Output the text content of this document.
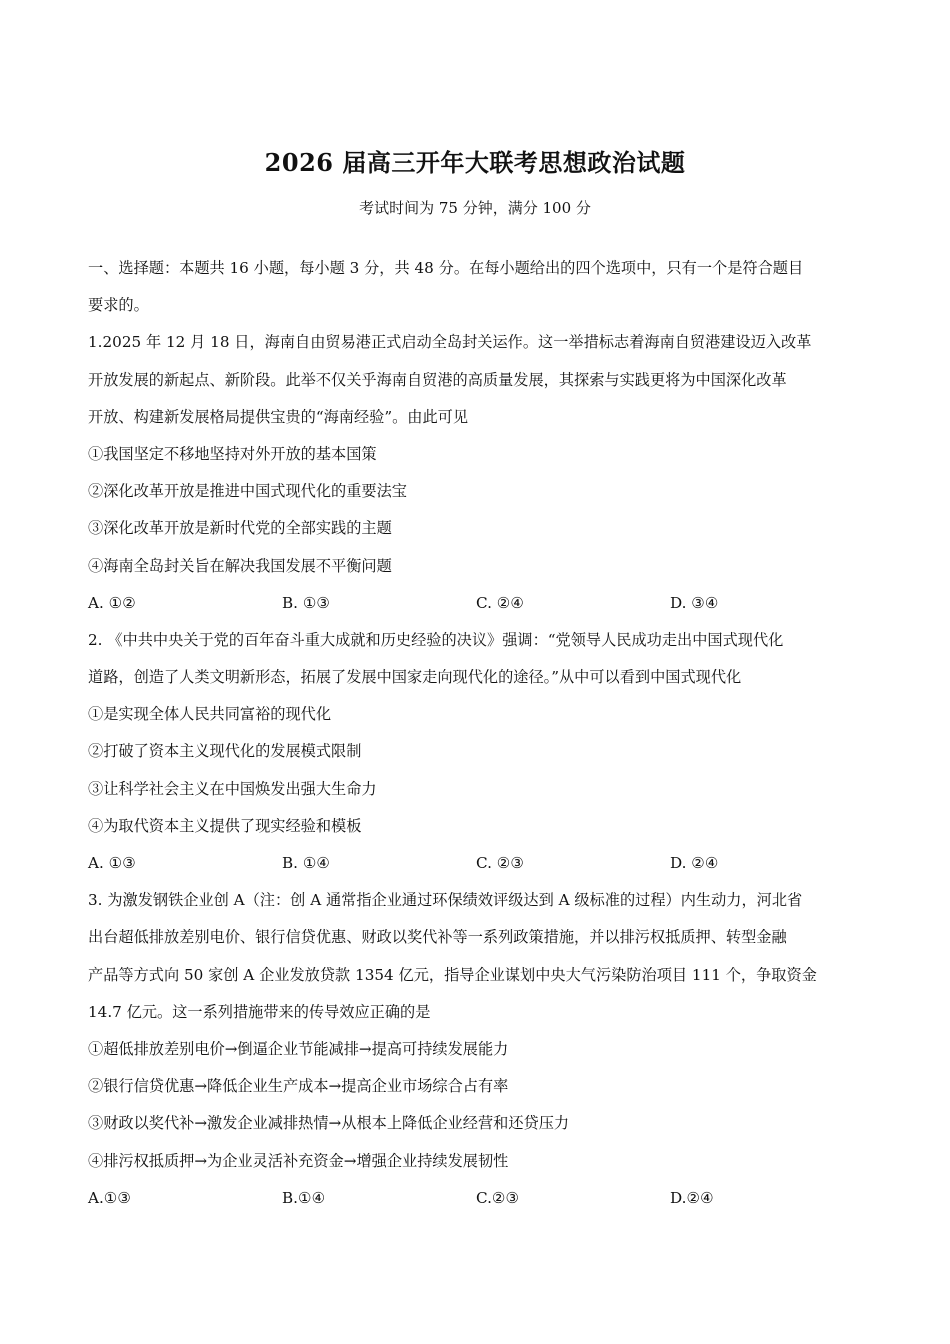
2026 届高三开年大联考思想政治试题
考试时间为 75 分钟，满分 100 分
一、选择题：本题共 16 小题，每小题 3 分，共 48 分。在每小题给出的四个选项中，只有一个是符合题目
要求的。
1.2025 年 12 月 18 日，海南自由贸易港正式启动全岛封关运作。这一举措标志着海南自贸港建设迈入改革
开放发展的新起点、新阶段。此举不仅关乎海南自贸港的高质量发展，其探索与实践更将为中国深化改革
开放、构建新发展格局提供宝贵的“海南经验”。由此可见
①我国坚定不移地坚持对外开放的基本国策
②深化改革开放是推进中国式现代化的重要法宝
③深化改革开放是新时代党的全部实践的主题
④海南全岛封关旨在解决我国发展不平衡问题
A. ①②	B. ①③	C. ②④	D. ③④
2. 《中共中央关于党的百年奋斗重大成就和历史经验的决议》强调：“党领导人民成功走出中国式现代化
道路，创造了人类文明新形态，拓展了发展中国家走向现代化的途径。”从中可以看到中国式现代化
①是实现全体人民共同富裕的现代化
②打破了资本主义现代化的发展模式限制
③让科学社会主义在中国焕发出强大生命力
④为取代资本主义提供了现实经验和模板
A. ①③	B. ①④	C. ②③	D. ②④
3. 为激发钢铁企业创 A（注：创 A 通常指企业通过环保绩效评级达到 A 级标准的过程）内生动力，河北省
出台超低排放差别电价、银行信贷优惠、财政以奖代补等一系列政策措施，并以排污权抵质押、转型金融
产品等方式向 50 家创 A 企业发放贷款 1354 亿元，指导企业谋划中央大气污染防治项目 111 个，争取资金
14.7 亿元。这一系列措施带来的传导效应正确的是
①超低排放差别电价→倒逼企业节能减排→提高可持续发展能力
②银行信贷优惠→降低企业生产成本→提高企业市场综合占有率
③财政以奖代补→激发企业减排热情→从根本上降低企业经营和还贷压力
④排污权抵质押→为企业灵活补充资金→增强企业持续发展韧性
A.①③	B.①④	C.②③	D.②④
